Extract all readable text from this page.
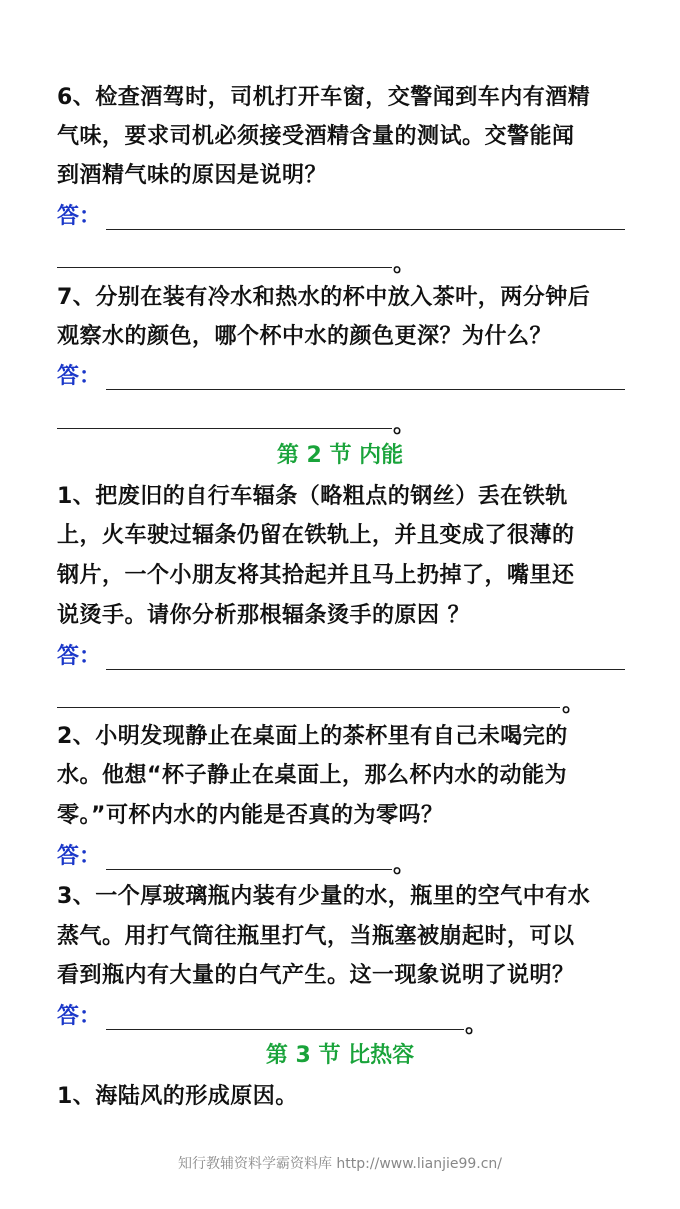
6、检查酒驾时，司机打开车窗，交警闻到车内有酒精
气味，要求司机必须接受酒精含量的测试。交警能闻
到酒精气味的原因是说明？
答：
。
7、分别在装有冷水和热水的杯中放入茶叶，两分钟后
观察水的颜色，哪个杯中水的颜色更深？为什么？
答：
。
第 2 节 内能
1、把废旧的自行车辐条（略粗点的钢丝）丢在铁轨
上，火车驶过辐条仍留在铁轨上，并且变成了很薄的
钢片，一个小朋友将其拾起并且马上扔掉了，嘴里还
说烫手。请你分析那根辐条烫手的原因 ？
答：
。
2、小明发现静止在桌面上的茶杯里有自己未喝完的
水。他想“杯子静止在桌面上，那么杯内水的动能为
零。”可杯内水的内能是否真的为零吗？
答：	。
3、一个厚玻璃瓶内装有少量的水，瓶里的空气中有水
蒸气。用打气筒往瓶里打气，当瓶塞被崩起时，可以
看到瓶内有大量的白气产生。这一现象说明了说明？
答：	。
第 3 节 比热容
1、海陆风的形成原因。
知行教辅资料学霸资料库 http://www.lianjie99.cn/
